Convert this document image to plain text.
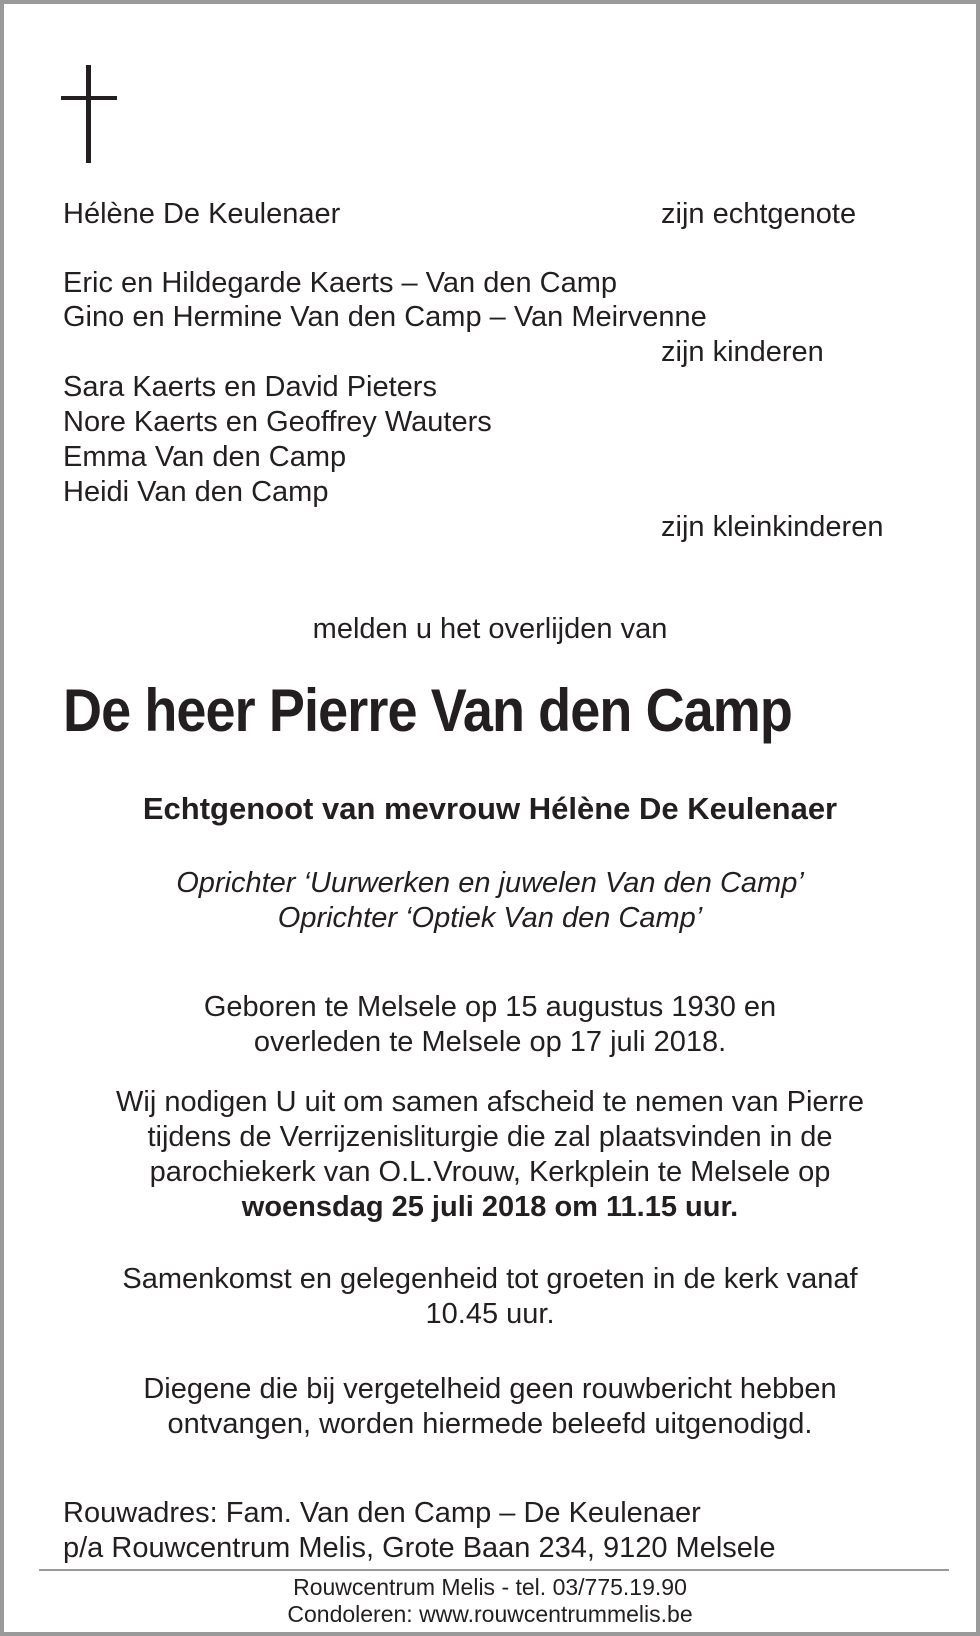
Hélène De Keulenaer	zijn echtgenote
Eric en Hildegarde Kaerts – Van den Camp
Gino en Hermine Van den Camp – Van Meirvenne
zijn kinderen
Sara Kaerts en David Pieters
Nore Kaerts en Geoffrey Wauters
Emma Van den Camp
Heidi Van den Camp
zijn kleinkinderen
melden u het overlijden van
De heer Pierre Van den Camp
Echtgenoot van mevrouw Hélène De Keulenaer
Oprichter ‘Uurwerken en juwelen Van den Camp’
Oprichter ‘Optiek Van den Camp’
Geboren te Melsele op 15 augustus 1930 en
overleden te Melsele op 17 juli 2018.
Wij nodigen U uit om samen afscheid te nemen van Pierre
tijdens de Verrijzenisliturgie die zal plaatsvinden in de
parochiekerk van O.L.Vrouw, Kerkplein te Melsele op
woensdag 25 juli 2018 om 11.15 uur.
Samenkomst en gelegenheid tot groeten in de kerk vanaf
10.45 uur.
Diegene die bij vergetelheid geen rouwbericht hebben
ontvangen, worden hiermede beleefd uitgenodigd.
Rouwadres: Fam. Van den Camp – De Keulenaer
p/a Rouwcentrum Melis, Grote Baan 234, 9120 Melsele
Rouwcentrum Melis - tel. 03/775.19.90
Condoleren: www.rouwcentrummelis.be
